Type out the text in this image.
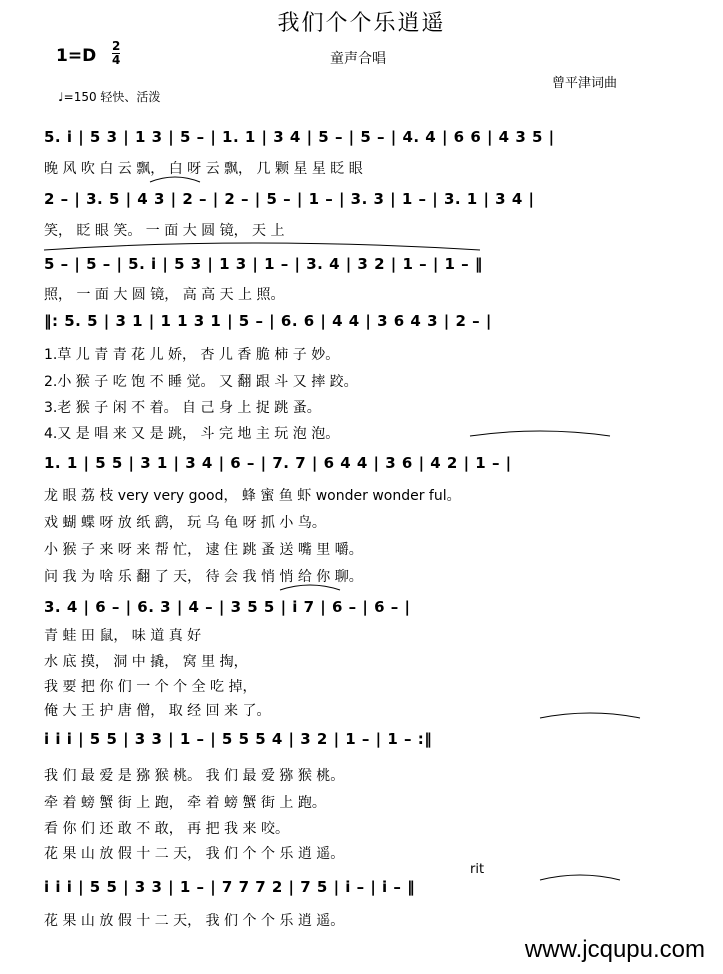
我们个个乐逍遥
1=D 2
4	童声合唱
曾平津词曲
♩=150 轻快、活泼
5. i | 5 3 | 1 3 | 5 – | 1. 1 | 3 4 | 5 – | 5 – | 4. 4 | 6 6 | 4 3 5 |
晚 风 吹 白 云 飘， 白 呀 云 飘， 几 颗 星 星 眨 眼
2 – | 3. 5 | 4 3 | 2 – | 2 – | 5 – | 1 – | 3. 3 | 1 – | 3. 1 | 3 4 |
笑， 眨 眼 笑。 一 面 大 圆 镜， 天 上
5 – | 5 – | 5. i | 5 3 | 1 3 | 1 – | 3. 4 | 3 2 | 1 – | 1 – ‖
照， 一 面 大 圆 镜， 高 高 天 上 照。
‖: 5. 5 | 3 1 | 1 1 3 1 | 5 – | 6. 6 | 4 4 | 3 6 4 3 | 2 – |
1.草 儿 青 青 花 儿 娇， 杏 儿 香 脆 柿 子 妙。
2.小 猴 子 吃 饱 不 睡 觉。 又 翻 跟 斗 又 摔 跤。
3.老 猴 子 闲 不 着。 自 己 身 上 捉 跳 蚤。
4.又 是 唱 来 又 是 跳， 斗 完 地 主 玩 泡 泡。
1. 1 | 5 5 | 3 1 | 3 4 | 6 – | 7. 7 | 6 4 4 | 3 6 | 4 2 | 1 – |
龙 眼 荔 枝 very very good， 蜂 蜜 鱼 虾 wonder wonder ful。
戏 蝴 蝶 呀 放 纸 鹞， 玩 乌 龟 呀 抓 小 鸟。
小 猴 子 来 呀 来 帮 忙， 逮 住 跳 蚤 送 嘴 里 嚼。
问 我 为 啥 乐 翻 了 天， 待 会 我 悄 悄 给 你 聊。
3. 4 | 6 – | 6. 3 | 4 – | 3 5 5 | i 7 | 6 – | 6 – |
青 蛙 田 鼠， 味 道 真 好
水 底 摸， 洞 中 撬， 窝 里 掏，
我 要 把 你 们 一 个 个 全 吃 掉，
俺 大 王 护 唐 僧， 取 经 回 来 了。
i i i | 5 5 | 3 3 | 1 – | 5 5 5 4 | 3 2 | 1 – | 1 – :‖
我 们 最 爱 是 猕 猴 桃。 我 们 最 爱 猕 猴 桃。
牵 着 螃 蟹 街 上 跑， 牵 着 螃 蟹 街 上 跑。
看 你 们 还 敢 不 敢， 再 把 我 来 咬。
花 果 山 放 假 十 二 天， 我 们 个 个 乐 逍 遥。
rit
i i i | 5 5 | 3 3 | 1 – | 7 7 7 2 | 7 5 | i – | i – ‖
花 果 山 放 假 十 二 天， 我 们 个 个 乐 逍 遥。
www.jcqupu.com
